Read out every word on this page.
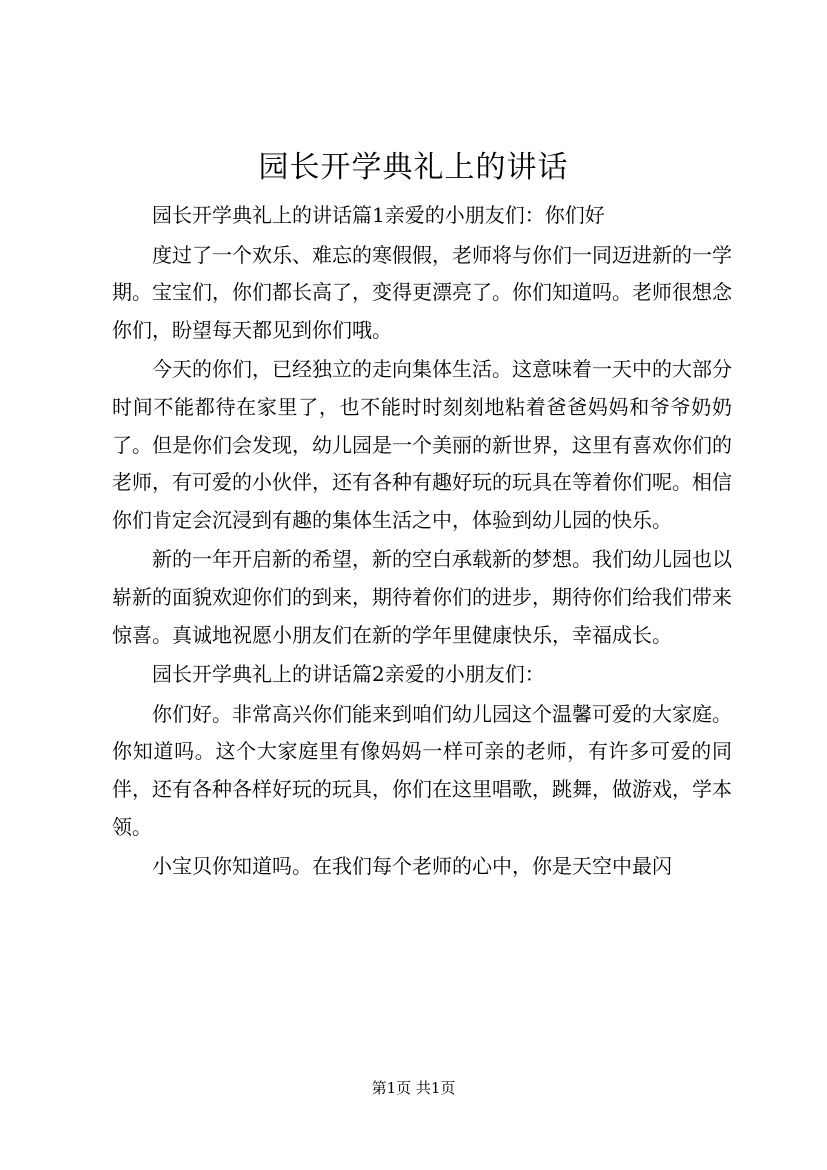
园长开学典礼上的讲话

园长开学典礼上的讲话篇1亲爱的小朋友们：你们好

度过了一个欢乐、难忘的寒假假，老师将与你们一同迈进新的一学期。宝宝们，你们都长高了，变得更漂亮了。你们知道吗。老师很想念你们，盼望每天都见到你们哦。

今天的你们，已经独立的走向集体生活。这意味着一天中的大部分时间不能都待在家里了，也不能时时刻刻地粘着爸爸妈妈和爷爷奶奶了。但是你们会发现，幼儿园是一个美丽的新世界，这里有喜欢你们的老师，有可爱的小伙伴，还有各种有趣好玩的玩具在等着你们呢。相信你们肯定会沉浸到有趣的集体生活之中，体验到幼儿园的快乐。

新的一年开启新的希望，新的空白承载新的梦想。我们幼儿园也以崭新的面貌欢迎你们的到来，期待着你们的进步，期待你们给我们带来惊喜。真诚地祝愿小朋友们在新的学年里健康快乐，幸福成长。

园长开学典礼上的讲话篇2亲爱的小朋友们：

你们好。非常高兴你们能来到咱们幼儿园这个温馨可爱的大家庭。你知道吗。这个大家庭里有像妈妈一样可亲的老师，有许多可爱的同伴，还有各种各样好玩的玩具，你们在这里唱歌，跳舞，做游戏，学本领。

小宝贝你知道吗。在我们每个老师的心中，你是天空中最闪

第1页 共1页
